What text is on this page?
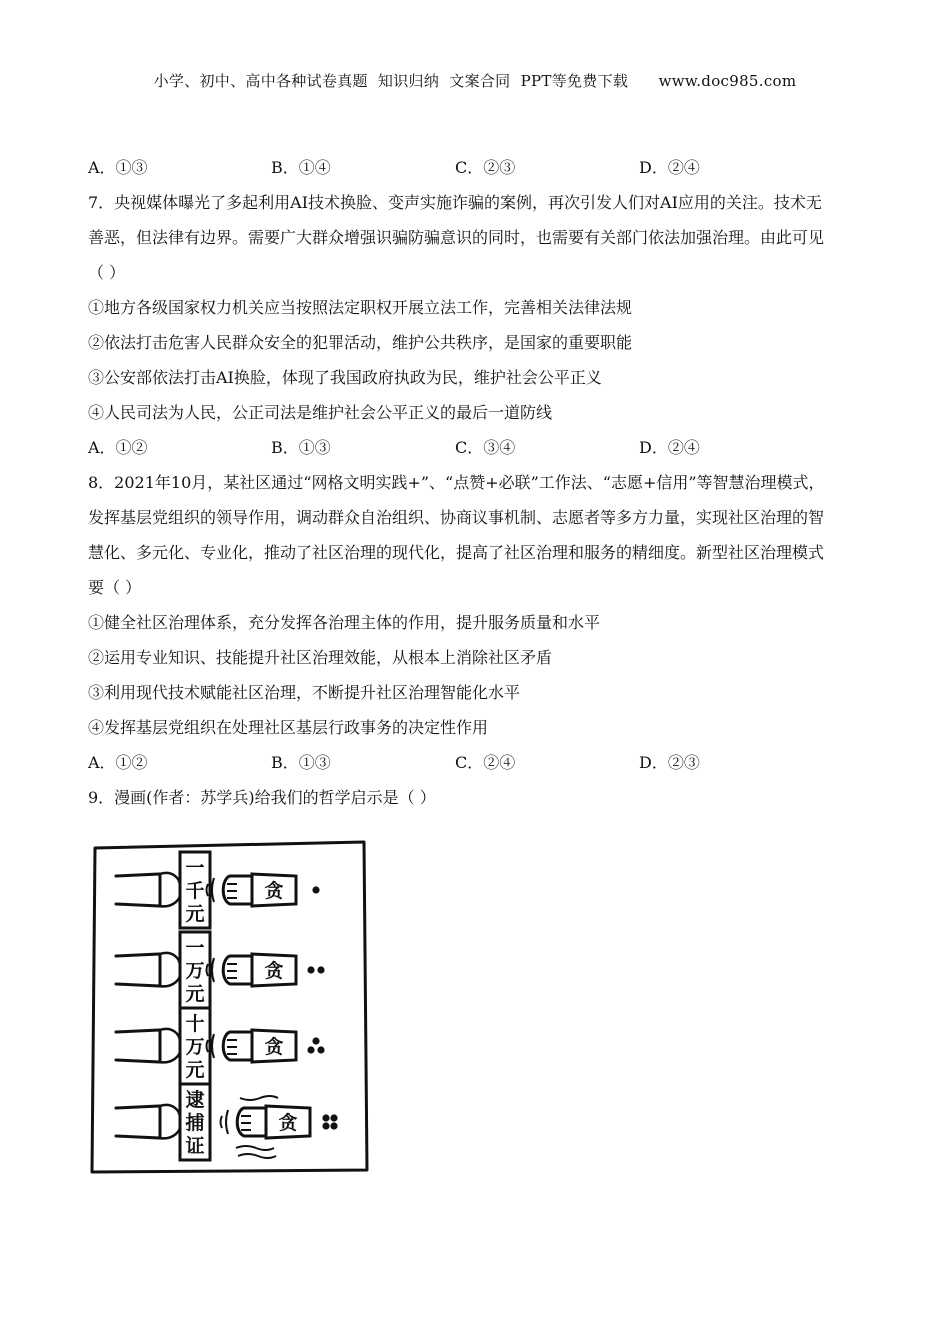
小学、初中、高中各种试卷真题  知识归纳  文案合同  PPT等免费下载      www.doc985.com
A．①③	B．①④	C．②③	D．②④
7．央视媒体曝光了多起利用AI技术换脸、变声实施诈骗的案例，再次引发人们对AI应用的关注。技术无
善恶，但法律有边界。需要广大群众增强识骗防骗意识的同时，也需要有关部门依法加强治理。由此可见
（ ）
①地方各级国家权力机关应当按照法定职权开展立法工作，完善相关法律法规
②依法打击危害人民群众安全的犯罪活动，维护公共秩序，是国家的重要职能
③公安部依法打击AI换脸，体现了我国政府执政为民，维护社会公平正义
④人民司法为人民，公正司法是维护社会公平正义的最后一道防线
A．①②	B．①③	C．③④	D．②④
8．2021年10月，某社区通过“网格文明实践+”、“点赞+必联”工作法、“志愿+信用”等智慧治理模式，
发挥基层党组织的领导作用，调动群众自治组织、协商议事机制、志愿者等多方力量，实现社区治理的智
慧化、多元化、专业化，推动了社区治理的现代化，提高了社区治理和服务的精细度。新型社区治理模式
要（ ）
①健全社区治理体系，充分发挥各治理主体的作用，提升服务质量和水平
②运用专业知识、技能提升社区治理效能，从根本上消除社区矛盾
③利用现代技术赋能社区治理，不断提升社区治理智能化水平
④发挥基层党组织在处理社区基层行政事务的决定性作用
A．①②	B．①③	C．②④	D．②③
9．漫画(作者：苏学兵)给我们的哲学启示是（ ）
一
千
元
贪
一
万
元
贪
十
万
元
贪
逮
捕
证
贪
